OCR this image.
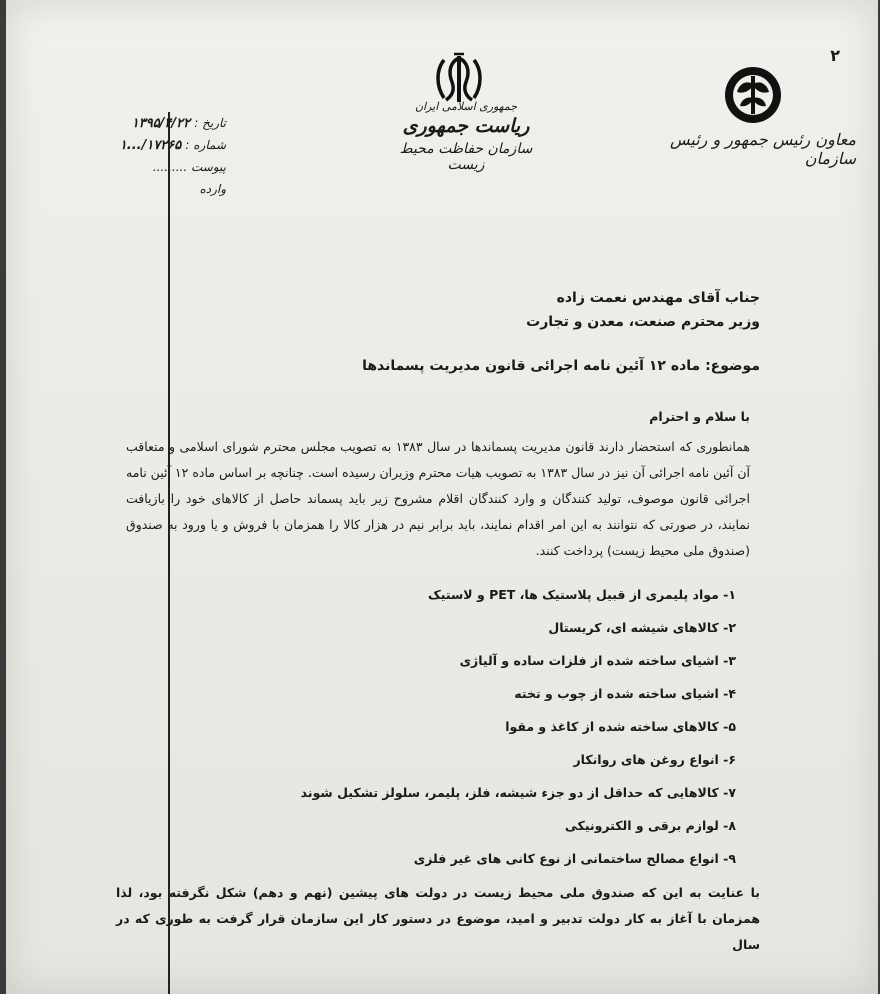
۲
تاریخ : ۱۳۹۵/۴/۲۲
شماره : ۱۷۲۶۵/...۱
پیوست .........
وارده
جمهوری اسلامی ایران
ریاست جمهوری
سازمان حفاظت محیط زیست
معاون رئیس جمهور و رئیس سازمان
جناب آقای مهندس نعمت زاده
وزیر محترم صنعت، معدن و تجارت
موضوع: ماده ۱۲ آئین نامه اجرائی قانون مدیریت پسماندها

با سلام و احترام

همانطوری که استحضار دارند قانون مدیریت پسماندها در سال ۱۳۸۳ به تصویب مجلس محترم شورای اسلامی و متعاقب آن آئین نامه اجرائی آن نیز در سال ۱۳۸۳ به تصویب هیات محترم وزیران رسیده است. چنانچه بر اساس ماده ۱۲ آئین نامه اجرائی قانون موصوف، تولید کنندگان و وارد کنندگان اقلام مشروح زیر باید پسماند حاصل از کالاهای خود را بازیافت نمایند، در صورتی که نتوانند به این امر اقدام نمایند، باید برابر نیم در هزار کالا را همزمان با فروش و یا ورود به صندوق (صندوق ملی محیط زیست) پرداخت کنند.

۱- مواد پلیمری از قبیل پلاستیک ها، PET و لاستیک
۲- کالاهای شیشه ای، کریستال
۳- اشیای ساخته شده از فلزات ساده و آلیاژی
۴- اشیای ساخته شده از چوب و تخته
۵- کالاهای ساخته شده از کاغذ و مقوا
۶- انواع روغن های روانکار
۷- کالاهایی که حداقل از دو جزء شیشه، فلز، پلیمر، سلولز تشکیل شوند
۸- لوازم برقی و الکترونیکی
۹- انواع مصالح ساختمانی از نوع کانی های غیر فلزی

با عنایت به این که صندوق ملی محیط زیست در دولت های پیشین (نهم و دهم) شکل نگرفته بود، لذا همزمان با آغاز به کار دولت تدبیر و امید، موضوع در دستور کار این سازمان قرار گرفت به طوری که در سال
